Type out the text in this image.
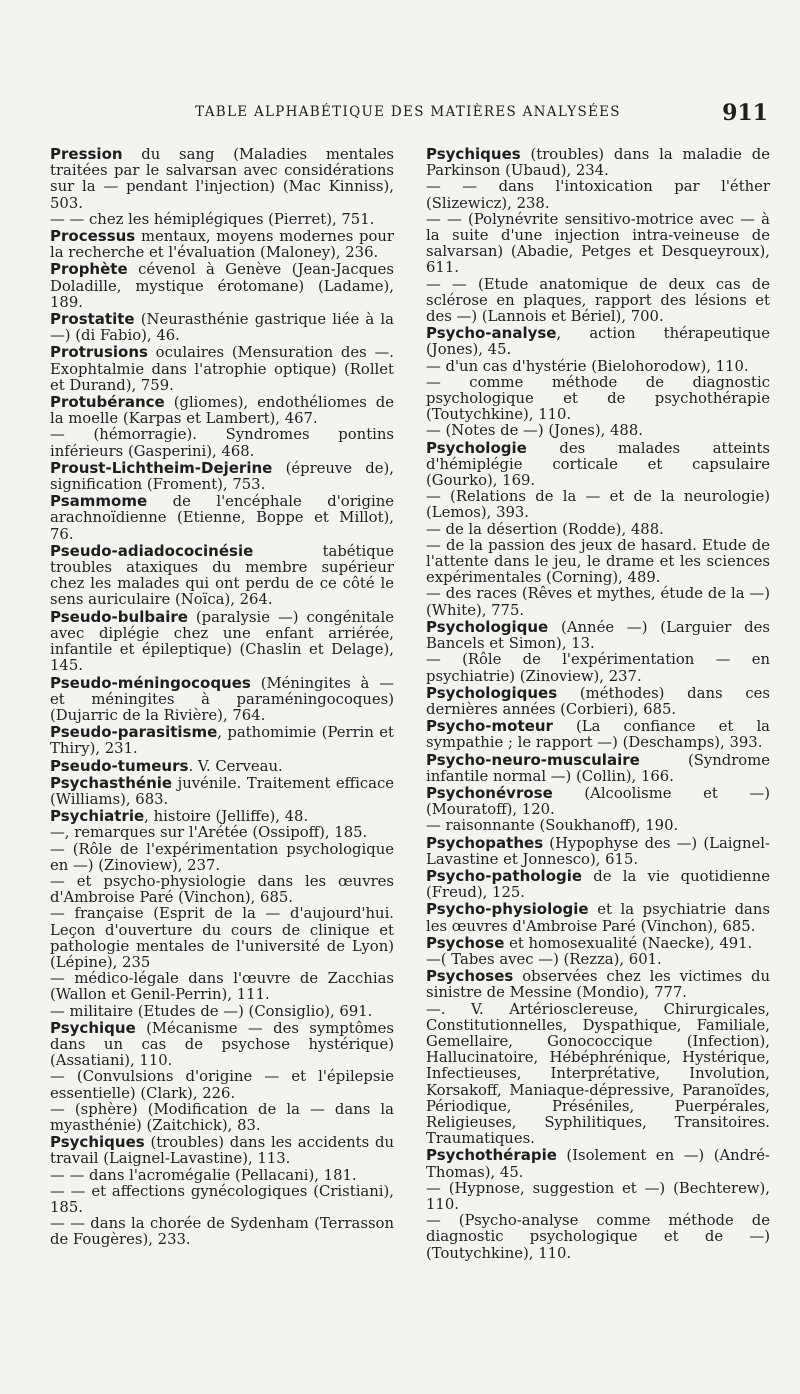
TABLE ALPHABÉTIQUE DES MATIÈRES ANALYSÉES	911

Pression du sang (Maladies mentales traitées par le salvarsan avec considérations sur la — pendant l'injection) (Mac Kinniss), 503.

— — chez les hémiplégiques (Pierret), 751.

Processus mentaux, moyens modernes pour la recherche et l'évaluation (Maloney), 236.

Prophète cévenol à Genève (Jean-Jacques Doladille, mystique érotomane) (Ladame), 189.

Prostatite (Neurasthénie gastrique liée à la —) (di Fabio), 46.

Protrusions oculaires (Mensuration des —. Exophtalmie dans l'atrophie optique) (Rollet et Durand), 759.

Protubérance (gliomes), endothéliomes de la moelle (Karpas et Lambert), 467.

— (hémorragie). Syndromes pontins inférieurs (Gasperini), 468.

Proust-Lichtheim-Dejerine (épreuve de), signification (Froment), 753.

Psammome de l'encéphale d'origine arachnoïdienne (Etienne, Boppe et Millot), 76.

Pseudo-adiadococinésie tabétique troubles ataxiques du membre supérieur chez les malades qui ont perdu de ce côté le sens auriculaire (Noïca), 264.

Pseudo-bulbaire (paralysie —) congénitale avec diplégie chez une enfant arriérée, infantile et épileptique) (Chaslin et Delage), 145.

Pseudo-méningocoques (Méningites à — et méningites à paraméningocoques) (Dujarric de la Rivière), 764.

Pseudo-parasitisme, pathomimie (Perrin et Thiry), 231.

Pseudo-tumeurs. V. Cerveau.

Psychasthénie juvénile. Traitement efficace (Williams), 683.

Psychiatrie, histoire (Jelliffe), 48.

—, remarques sur l'Arétée (Ossipoff), 185.

— (Rôle de l'expérimentation psychologique en —) (Zinoview), 237.

— et psycho-physiologie dans les œuvres d'Ambroise Paré (Vinchon), 685.

— française (Esprit de la — d'aujourd'hui. Leçon d'ouverture du cours de clinique et pathologie mentales de l'université de Lyon) (Lépine), 235

— médico-légale dans l'œuvre de Zacchias (Wallon et Genil-Perrin), 111.

— militaire (Etudes de —) (Consiglio), 691.

Psychique (Mécanisme — des symptômes dans un cas de psychose hystérique) (Assatiani), 110.

— (Convulsions d'origine — et l'épilepsie essentielle) (Clark), 226.

— (sphère) (Modification de la — dans la myasthénie) (Zaitchick), 83.

Psychiques (troubles) dans les accidents du travail (Laignel-Lavastine), 113.

— — dans l'acromégalie (Pellacani), 181.

— — et affections gynécologiques (Cristiani), 185.

— — dans la chorée de Sydenham (Terrasson de Fougères), 233.

Psychiques (troubles) dans la maladie de Parkinson (Ubaud), 234.

— — dans l'intoxication par l'éther (Slizewicz), 238.

— — (Polynévrite sensitivo-motrice avec — à la suite d'une injection intra-veineuse de salvarsan) (Abadie, Petges et Desqueyroux), 611.

— — (Etude anatomique de deux cas de sclérose en plaques, rapport des lésions et des —) (Lannois et Bériel), 700.

Psycho-analyse, action thérapeutique (Jones), 45.

— d'un cas d'hystérie (Bielohorodow), 110.

— comme méthode de diagnostic psychologique et de psychothérapie (Toutychkine), 110.

— (Notes de —) (Jones), 488.

Psychologie des malades atteints d'hémiplégie corticale et capsulaire (Gourko), 169.

— (Relations de la — et de la neurologie) (Lemos), 393.

— de la désertion (Rodde), 488.

— de la passion des jeux de hasard. Etude de l'attente dans le jeu, le drame et les sciences expérimentales (Corning), 489.

— des races (Rêves et mythes, étude de la —) (White), 775.

Psychologique (Année —) (Larguier des Bancels et Simon), 13.

— (Rôle de l'expérimentation — en psychiatrie) (Zinoview), 237.

Psychologiques (méthodes) dans ces dernières années (Corbieri), 685.

Psycho-moteur (La confiance et la sympathie ; le rapport —) (Deschamps), 393.

Psycho-neuro-musculaire (Syndrome infantile normal —) (Collin), 166.

Psychonévrose (Alcoolisme et —) (Mouratoff), 120.

— raisonnante (Soukhanoff), 190.

Psychopathes (Hypophyse des —) (Laignel-Lavastine et Jonnesco), 615.

Psycho-pathologie de la vie quotidienne (Freud), 125.

Psycho-physiologie et la psychiatrie dans les œuvres d'Ambroise Paré (Vinchon), 685.

Psychose et homosexualité (Naecke), 491.

—( Tabes avec —) (Rezza), 601.

Psychoses observées chez les victimes du sinistre de Messine (Mondio), 777.

—. V. Artériosclereuse, Chirurgicales, Constitutionnelles, Dyspathique, Familiale, Gemellaire, Gonococcique (Infection), Hallucinatoire, Hébéphrénique, Hystérique, Infectieuses, Interprétative, Involution, Korsakoff, Maniaque-dépressive, Paranoïdes, Périodique, Préséniles, Puerpérales, Religieuses, Syphilitiques, Transitoires. Traumatiques.

Psychothérapie (Isolement en —) (André-Thomas), 45.

— (Hypnose, suggestion et —) (Bechterew), 110.

— (Psycho-analyse comme méthode de diagnostic psychologique et de —) (Toutychkine), 110.
